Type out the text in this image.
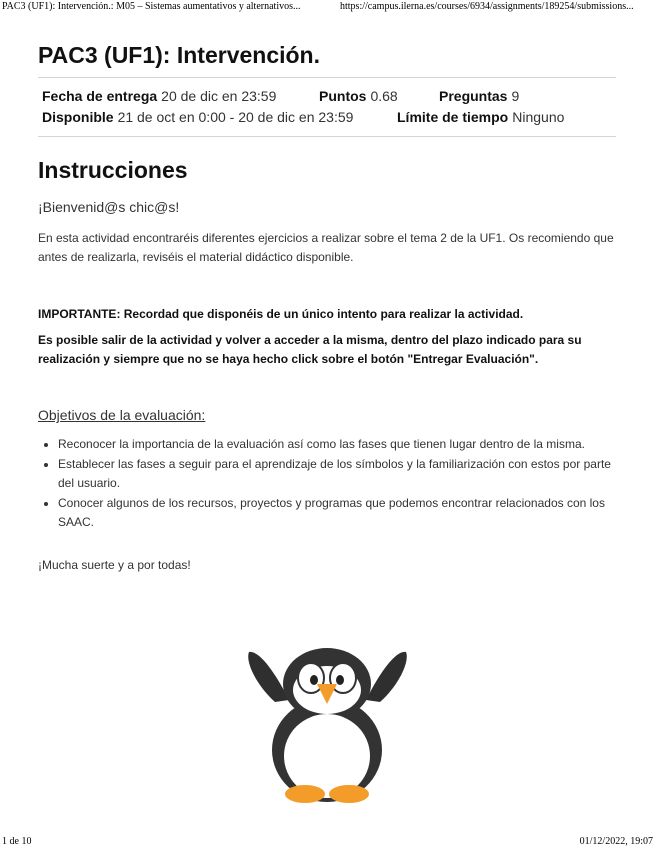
PAC3 (UF1): Intervención.: M05 – Sistemas aumentativos y alternativos...	https://campus.ilerna.es/courses/6934/assignments/189254/submissions...
PAC3 (UF1): Intervención.
Fecha de entrega 20 de dic en 23:59	Puntos 0.68	Preguntas 9
Disponible 21 de oct en 0:00 - 20 de dic en 23:59	Límite de tiempo Ninguno
Instrucciones
¡Bienvenid@s chic@s!
En esta actividad encontraréis diferentes ejercicios a realizar sobre el tema 2 de la UF1. Os recomiendo que antes de realizarla, reviséis el material didáctico disponible.
IMPORTANTE: Recordad que disponéis de un único intento para realizar la actividad.
Es posible salir de la actividad y volver a acceder a la misma, dentro del plazo indicado para su realización y siempre que no se haya hecho click sobre el botón "Entregar Evaluación".
Objetivos de la evaluación:
• Reconocer la importancia de la evaluación así como las fases que tienen lugar dentro de la misma.
• Establecer las fases a seguir para el aprendizaje de los símbolos y la familiarización con estos por parte del usuario.
• Conocer algunos de los recursos, proyectos y programas que podemos encontrar relacionados con los SAAC.
¡Mucha suerte y a por todas!
1 de 10	01/12/2022, 19:07
